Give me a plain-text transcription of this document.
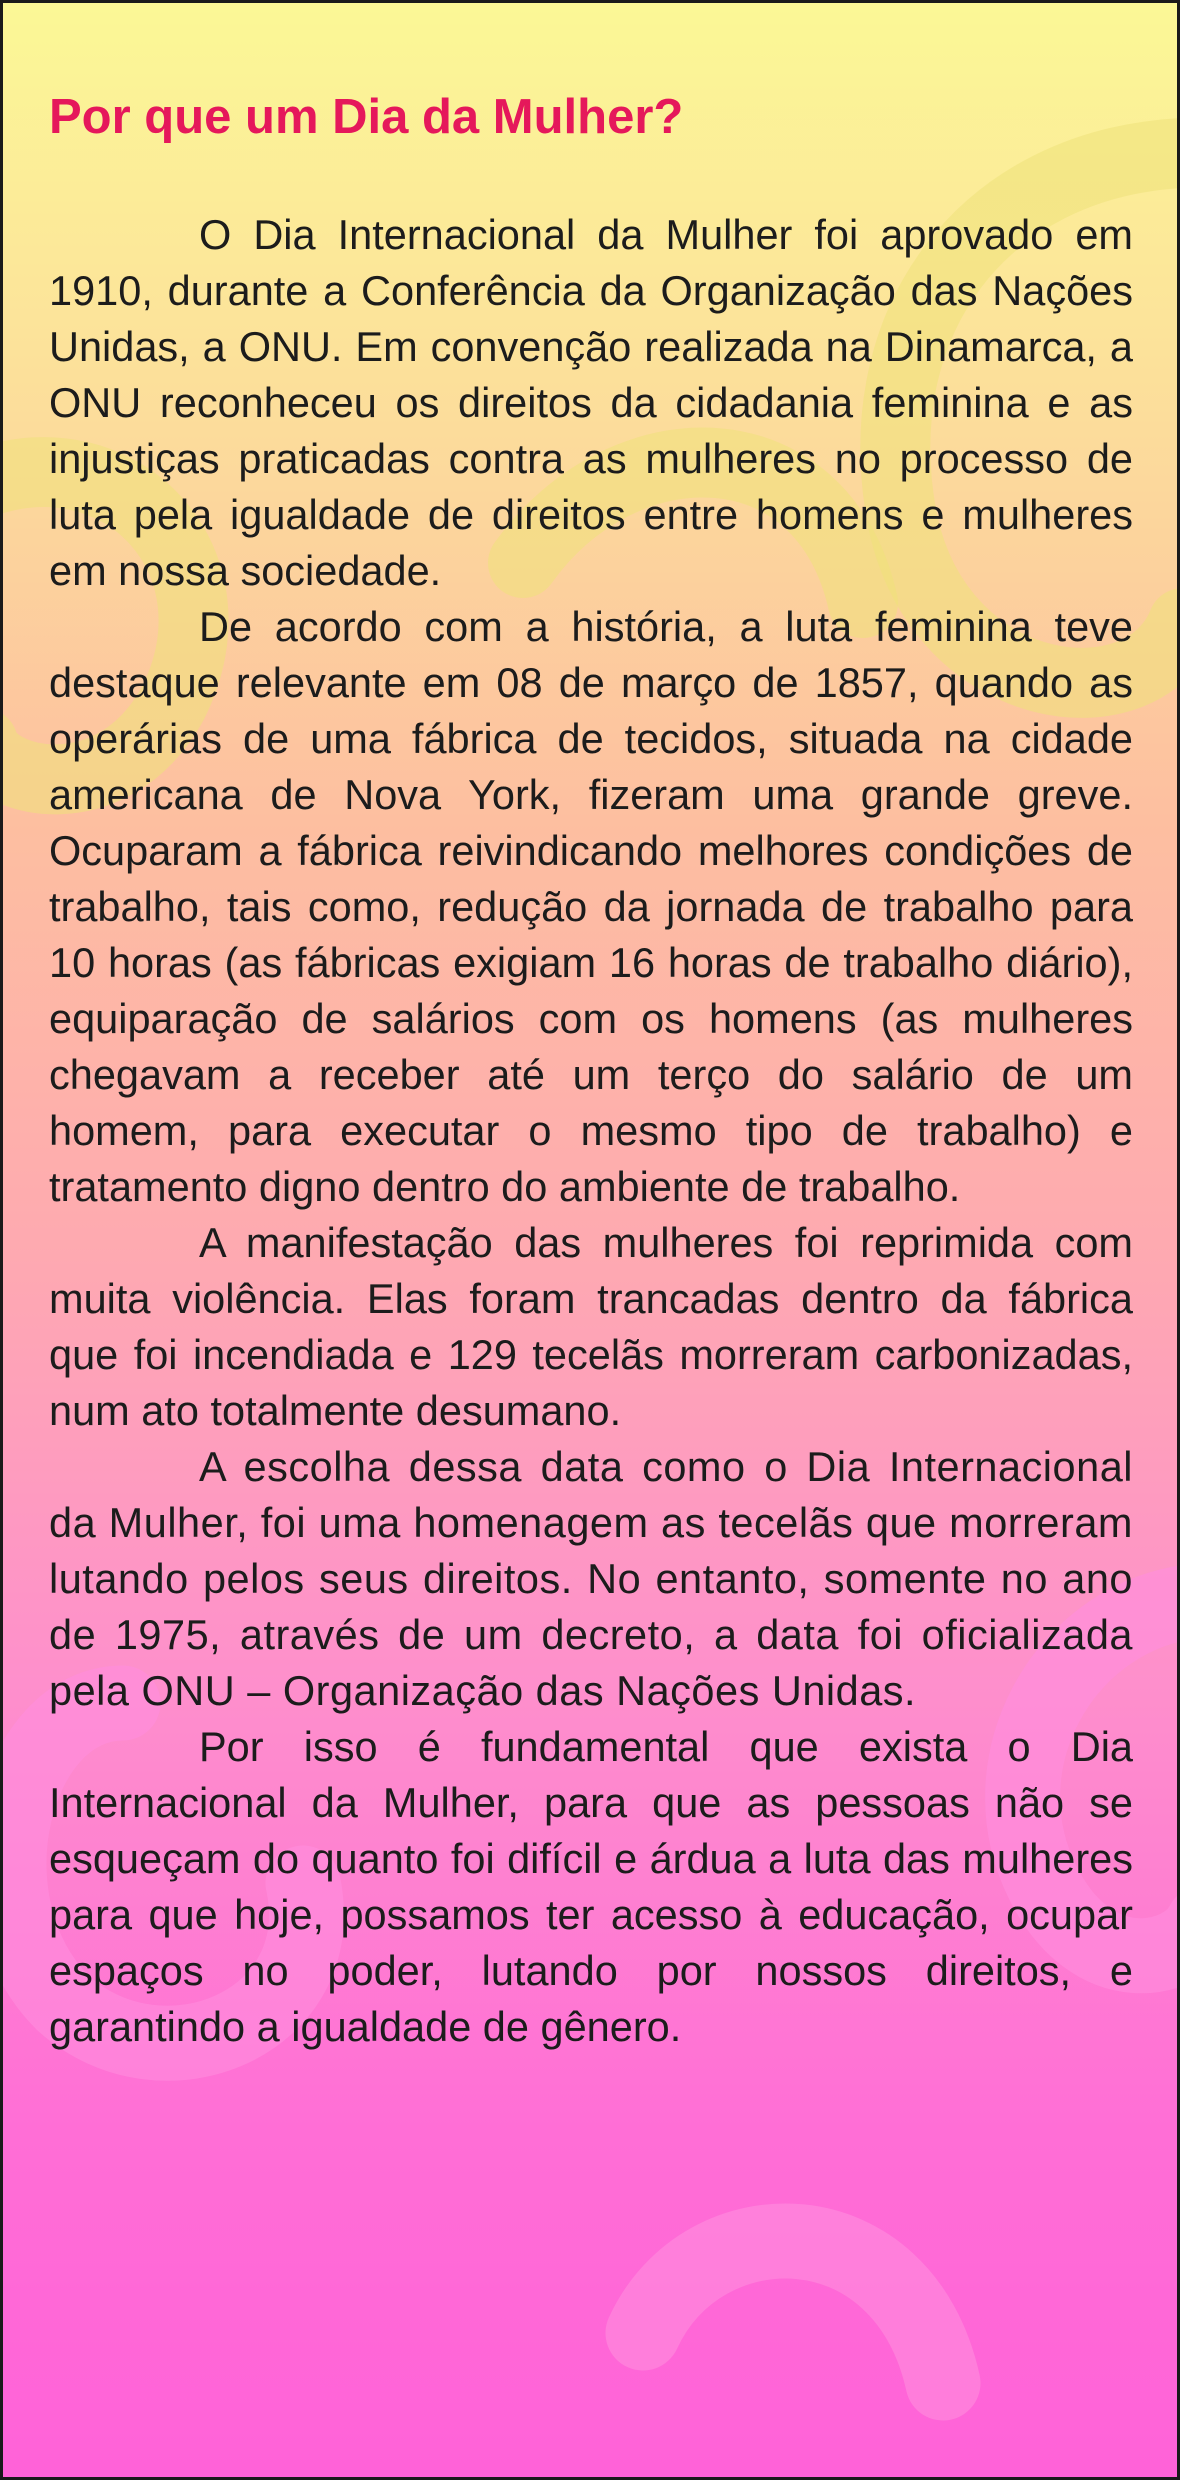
Por que um Dia da Mulher?

O Dia Internacional da Mulher foi aprovado em 1910, durante a Conferência da Organização das Nações Unidas, a ONU. Em convenção realizada na Dinamarca, a ONU reconheceu os direitos da cidadania feminina e as injustiças praticadas contra as mulheres no processo de luta pela igualdade de direitos entre homens e mulheres em nossa sociedade.

De acordo com a história, a luta feminina teve destaque relevante em 08 de março de 1857, quando as operárias de uma fábrica de tecidos, situada na cidade americana de Nova York, fizeram uma grande greve. Ocuparam a fábrica reivindicando melhores condições de trabalho, tais como, redução da jornada de trabalho para 10 horas (as fábricas exigiam 16 horas de trabalho diário), equiparação de salários com os homens (as mulheres chegavam a receber até um terço do salário de um homem, para executar o mesmo tipo de trabalho) e tratamento digno dentro do ambiente de trabalho.

A manifestação das mulheres foi reprimida com muita violência. Elas foram trancadas dentro da fábrica que foi incendiada e 129 tecelãs morreram carbonizadas, num ato totalmente desumano.

A escolha dessa data como o Dia Internacional da Mulher, foi uma homenagem as tecelãs que morreram lutando pelos seus direitos. No entanto, somente no ano de 1975, através de um decreto, a data foi oficializada pela ONU – Organização das Nações Unidas.

Por isso é fundamental que exista o Dia Internacional da Mulher, para que as pessoas não se esqueçam do quanto foi difícil e árdua a luta das mulheres para que hoje, possamos ter acesso à educação, ocupar espaços no poder, lutando por nossos direitos, e garantindo a igualdade de gênero.
